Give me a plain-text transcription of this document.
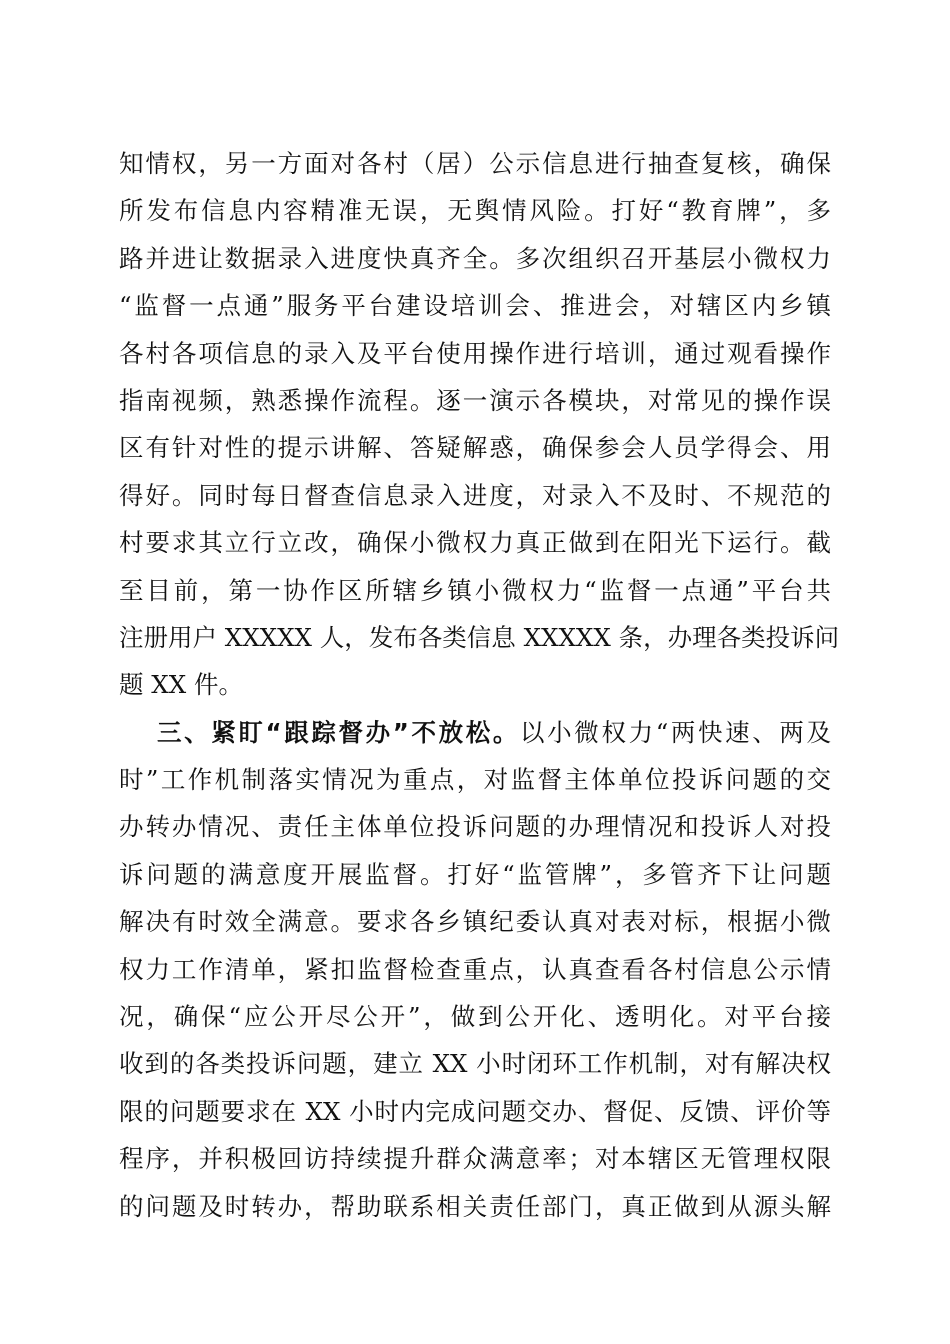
知情权，另一方面对各村（居）公示信息进行抽查复核，确保
所发布信息内容精准无误，无舆情风险。打好“教育牌”，多
路并进让数据录入进度快真齐全。多次组织召开基层小微权力
“监督一点通”服务平台建设培训会、推进会，对辖区内乡镇
各村各项信息的录入及平台使用操作进行培训，通过观看操作
指南视频，熟悉操作流程。逐一演示各模块，对常见的操作误
区有针对性的提示讲解、答疑解惑，确保参会人员学得会、用
得好。同时每日督查信息录入进度，对录入不及时、不规范的
村要求其立行立改，确保小微权力真正做到在阳光下运行。截
至目前，第一协作区所辖乡镇小微权力“监督一点通”平台共
注册用户 XXXXX 人，发布各类信息 XXXXX 条，办理各类投诉问
题 XX 件。
三、紧盯“跟踪督办”不放松。以小微权力“两快速、两及
时”工作机制落实情况为重点，对监督主体单位投诉问题的交
办转办情况、责任主体单位投诉问题的办理情况和投诉人对投
诉问题的满意度开展监督。打好“监管牌”，多管齐下让问题
解决有时效全满意。要求各乡镇纪委认真对表对标，根据小微
权力工作清单，紧扣监督检查重点，认真查看各村信息公示情
况，确保“应公开尽公开”，做到公开化、透明化。对平台接
收到的各类投诉问题，建立 XX 小时闭环工作机制，对有解决权
限的问题要求在 XX 小时内完成问题交办、督促、反馈、评价等
程序，并积极回访持续提升群众满意率；对本辖区无管理权限
的问题及时转办，帮助联系相关责任部门，真正做到从源头解
